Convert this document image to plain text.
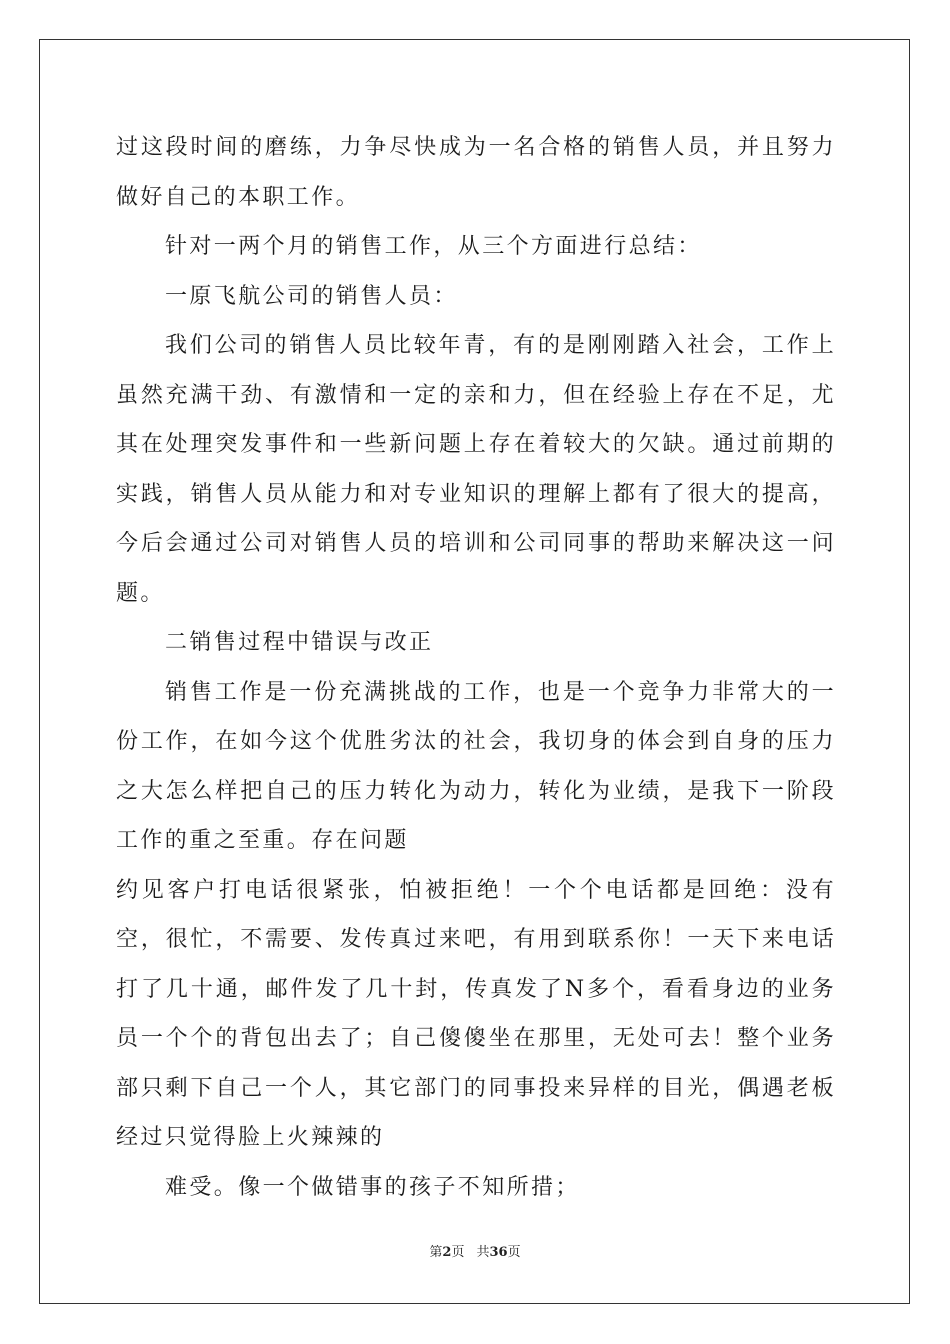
过这段时间的磨练，力争尽快成为一名合格的销售人员，并且努力做好自己的本职工作。

针对一两个月的销售工作，从三个方面进行总结：

一原飞航公司的销售人员：

我们公司的销售人员比较年青，有的是刚刚踏入社会，工作上虽然充满干劲、有激情和一定的亲和力，但在经验上存在不足，尤其在处理突发事件和一些新问题上存在着较大的欠缺。通过前期的实践，销售人员从能力和对专业知识的理解上都有了很大的提高，今后会通过公司对销售人员的培训和公司同事的帮助来解决这一问题。

二销售过程中错误与改正

销售工作是一份充满挑战的工作，也是一个竞争力非常大的一份工作，在如今这个优胜劣汰的社会，我切身的体会到自身的压力之大怎么样把自己的压力转化为动力，转化为业绩，是我下一阶段工作的重之至重。存在问题

约见客户打电话很紧张，怕被拒绝！一个个电话都是回绝：没有空，很忙，不需要、发传真过来吧，有用到联系你！一天下来电话打了几十通，邮件发了几十封，传真发了N多个，看看身边的业务员一个个的背包出去了；自己傻傻坐在那里，无处可去！整个业务部只剩下自己一个人，其它部门的同事投来异样的目光，偶遇老板经过只觉得脸上火辣辣的

难受。像一个做错事的孩子不知所措；

第2页 共36页
